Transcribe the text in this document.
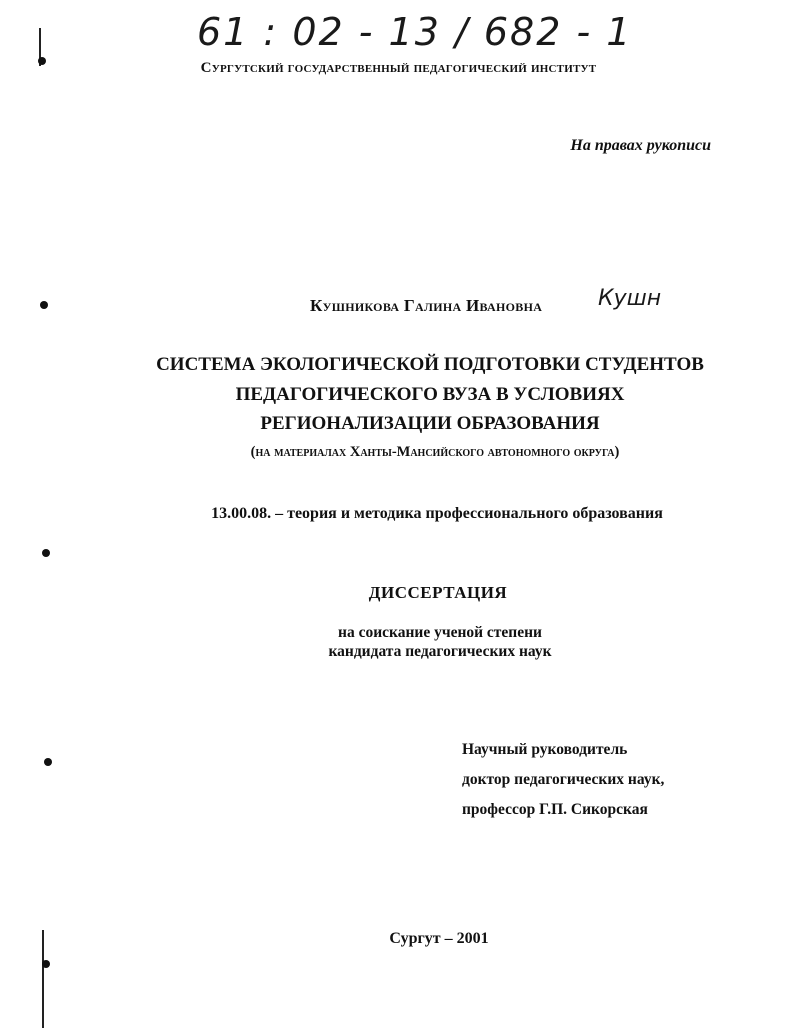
61 : 02 - 13 / 682 - 1
Сургутский государственный педагогический институт
На правах рукописи
Кушникова Галина Ивановна	Кушн
СИСТЕМА ЭКОЛОГИЧЕСКОЙ ПОДГОТОВКИ СТУДЕНТОВ
ПЕДАГОГИЧЕСКОГО ВУЗА В УСЛОВИЯХ
РЕГИОНАЛИЗАЦИИ ОБРАЗОВАНИЯ
(на материалах Ханты-Мансийского автономного округа)
13.00.08. – теория и методика профессионального образования
ДИССЕРТАЦИЯ
на соискание ученой степени
кандидата педагогических наук
Научный руководитель
доктор педагогических наук,
профессор Г.П. Сикорская
Сургут – 2001
